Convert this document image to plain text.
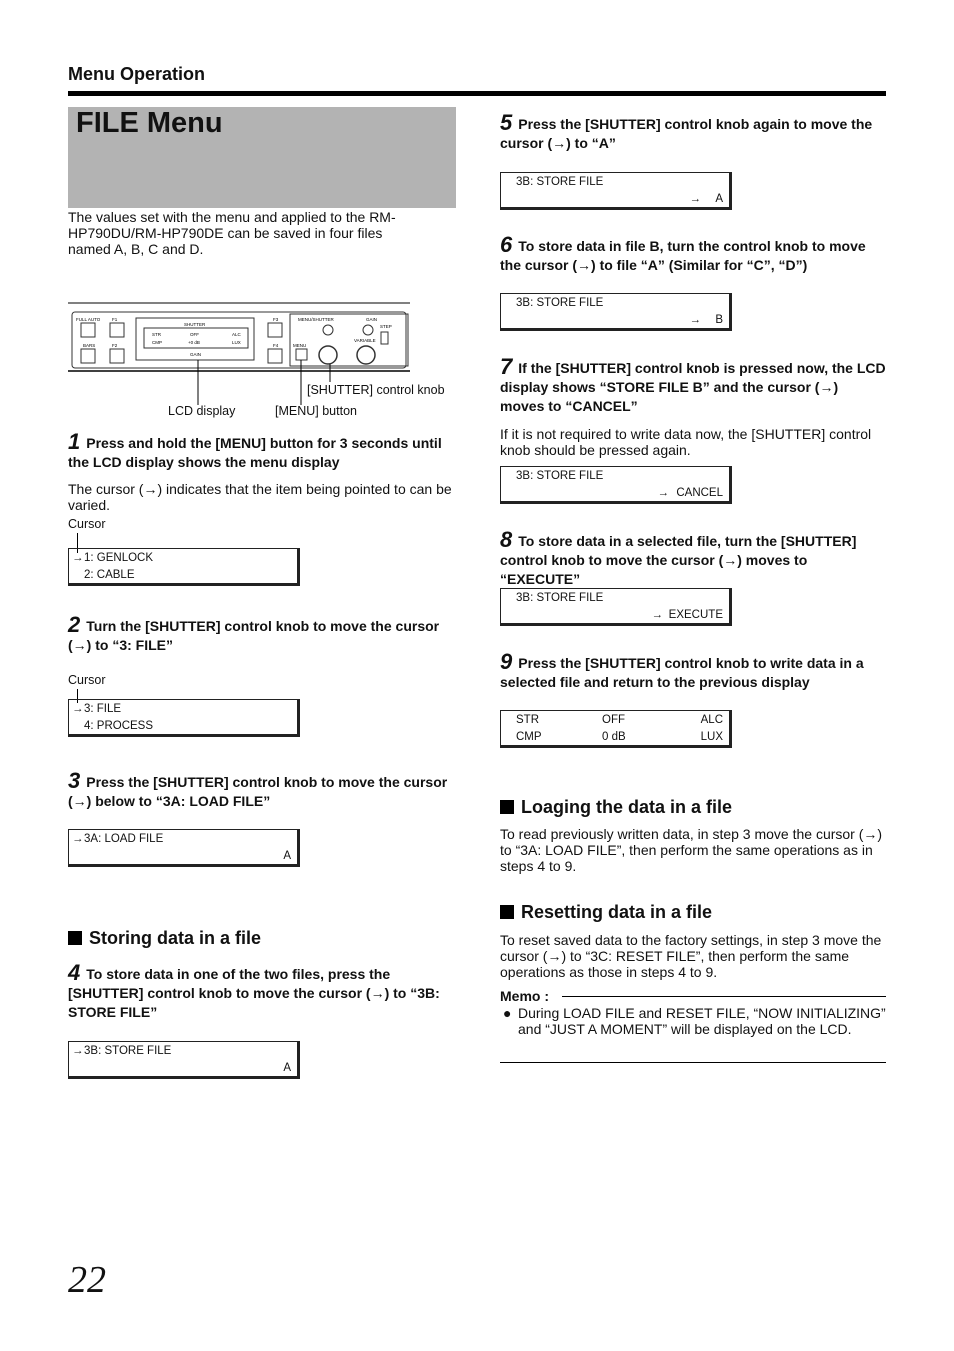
Menu Operation
FILE Menu
The values set with the menu and applied to the RM-HP790DU/RM-HP790DE can be saved in four files named A, B, C and D.
FULL AUTO
BARS
F1
F2
SHUTTER
STR	OFF	ALC
CMP	+0 dB	LUX
GAIN
F3
F4
MENU/SHUTTER	GAIN
MENU
VARIABLE
STEP
[SHUTTER] control knob
LCD display	[MENU] button
1 Press and hold the [MENU] button for 3 seconds until the LCD display shows the menu display
The cursor (→) indicates that the item being pointed to can be varied.
Cursor
→ 1: GENLOCK
2: CABLE
2 Turn the [SHUTTER] control knob to move the cursor (→) to “3: FILE”
Cursor
→ 3: FILE
4: PROCESS
3 Press the [SHUTTER] control knob to move the cursor (→) below to “3A: LOAD FILE”
→ 3A: LOAD FILE
A
Storing data in a file
4 To store data in one of the two files, press the [SHUTTER] control knob to move the cursor (→) to “3B: STORE FILE”
→ 3B: STORE FILE
A
5 Press the [SHUTTER] control knob again to move the cursor (→) to “A”
3B: STORE FILE
→ A
6 To store data in file B, turn the control knob to move the cursor (→) to file “A” (Similar for “C”, “D”)
3B: STORE FILE
→ B
7 If the [SHUTTER] control knob is pressed now, the LCD display shows “STORE FILE B” and the cursor (→) moves to “CANCEL”
If it is not required to write data now, the [SHUTTER] control knob should be pressed again.
3B: STORE FILE
→ CANCEL
8 To store data in a selected file, turn the [SHUTTER] control knob to move the cursor (→) moves to “EXECUTE”
3B: STORE FILE
→ EXECUTE
9 Press the [SHUTTER] control knob to write data in a selected file and return to the previous display
STR	OFF	ALC
CMP	0 dB	LUX
Loaging the data in a file
To read previously written data, in step 3 move the cursor (→) to “3A: LOAD FILE”, then perform the same operations as in steps 4 to 9.
Resetting data in a file
To reset saved data to the factory settings, in step 3 move the cursor (→) to “3C: RESET FILE”, then perform the same operations as those in steps 4 to 9.
Memo :
● During LOAD FILE and RESET FILE, “NOW INITIALIZING” and “JUST A MOMENT” will be displayed on the LCD.
22
